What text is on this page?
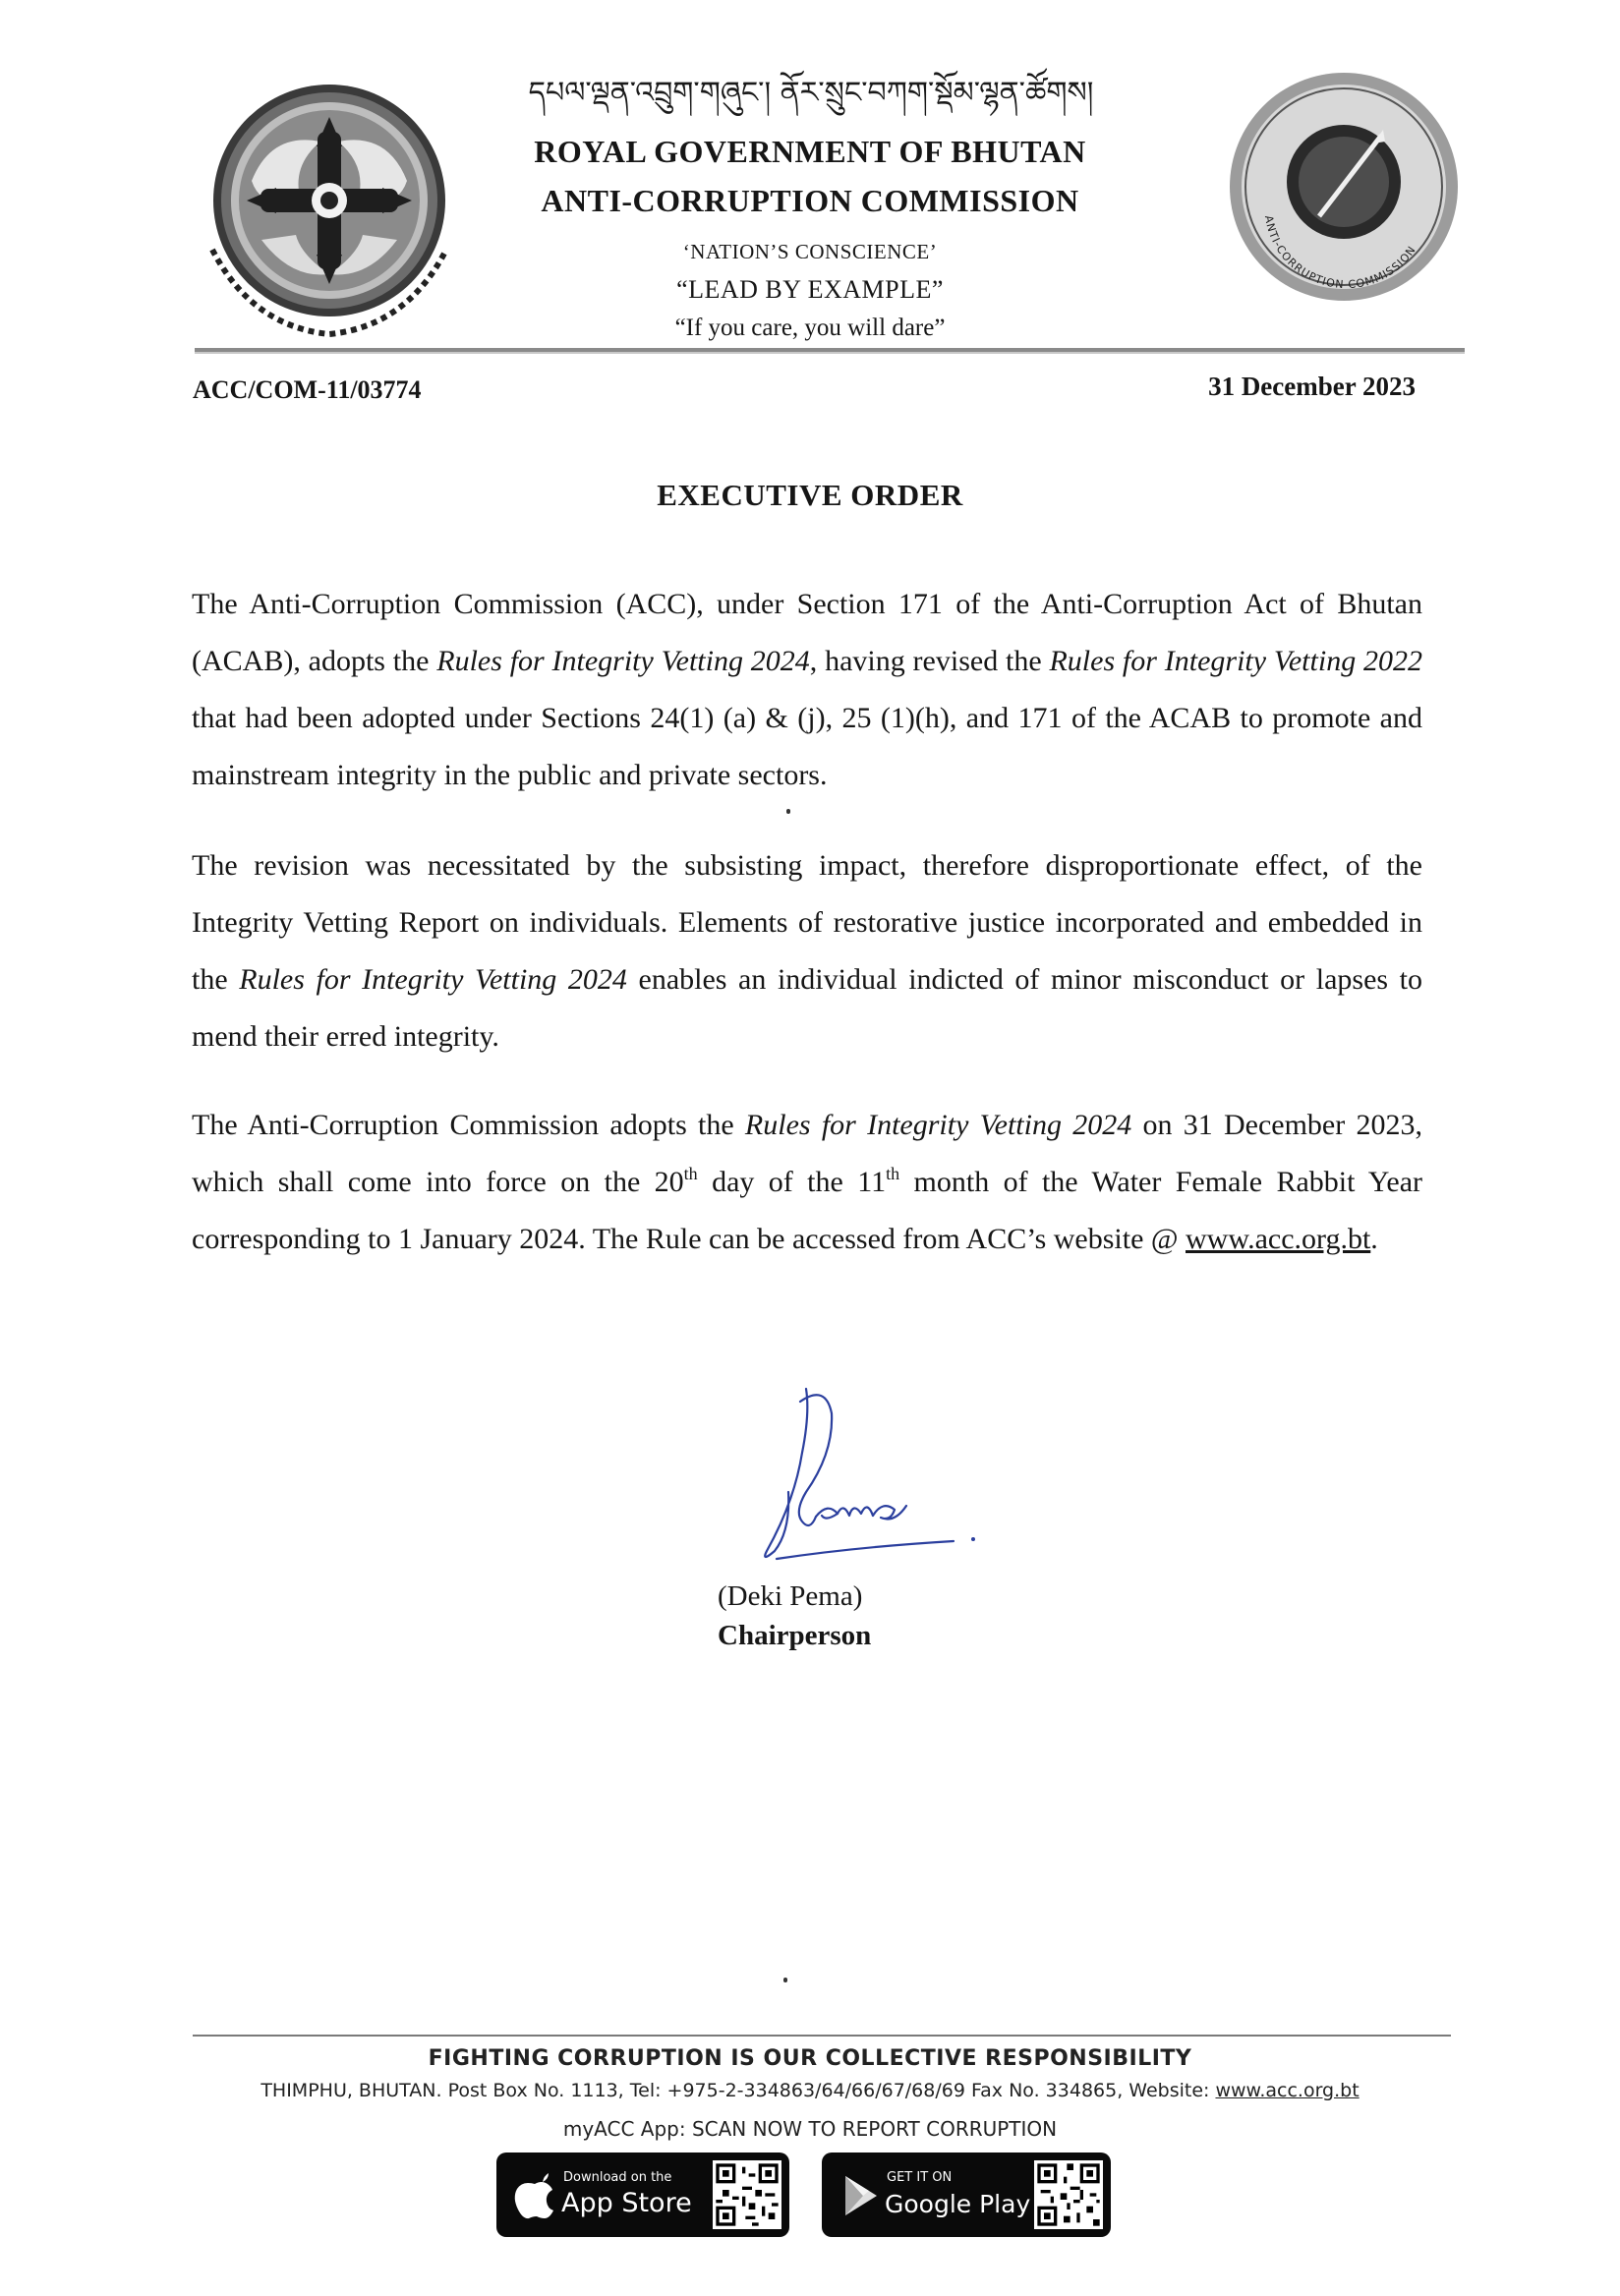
དཔལ་ལྡན་འབྲུག་གཞུང་། ནོར་སྲུང་བཀག་སྡོམ་ལྷན་ཚོགས།
ROYAL GOVERNMENT OF BHUTAN
ANTI-CORRUPTION COMMISSION
‘NATION’S CONSCIENCE’
“LEAD BY EXAMPLE”
“If you care, you will dare”
ANTI-CORRUPTION COMMISSION
ACC/COM-11/03774	31 December 2023
EXECUTIVE ORDER
The Anti-Corruption Commission (ACC), under Section 171 of the Anti-Corruption Act of Bhutan (ACAB), adopts the Rules for Integrity Vetting 2024, having revised the Rules for Integrity Vetting 2022 that had been adopted under Sections 24(1) (a) & (j), 25 (1)(h), and 171 of the ACAB to promote and mainstream integrity in the public and private sectors.
The revision was necessitated by the subsisting impact, therefore disproportionate effect, of the Integrity Vetting Report on individuals. Elements of restorative justice incorporated and embedded in the Rules for Integrity Vetting 2024 enables an individual indicted of minor misconduct or lapses to mend their erred integrity.
The Anti-Corruption Commission adopts the Rules for Integrity Vetting 2024 on 31 December 2023, which shall come into force on the 20th day of the 11th month of the Water Female Rabbit Year corresponding to 1 January 2024. The Rule can be accessed from ACC’s website @ www.acc.org.bt.
(Deki Pema)
Chairperson
FIGHTING CORRUPTION IS OUR COLLECTIVE RESPONSIBILITY
THIMPHU, BHUTAN. Post Box No. 1113, Tel: +975-2-334863/64/66/67/68/69 Fax No. 334865, Website: www.acc.org.bt
myACC App: SCAN NOW TO REPORT CORRUPTION
Download on the
App Store
GET IT ON
Google Play
